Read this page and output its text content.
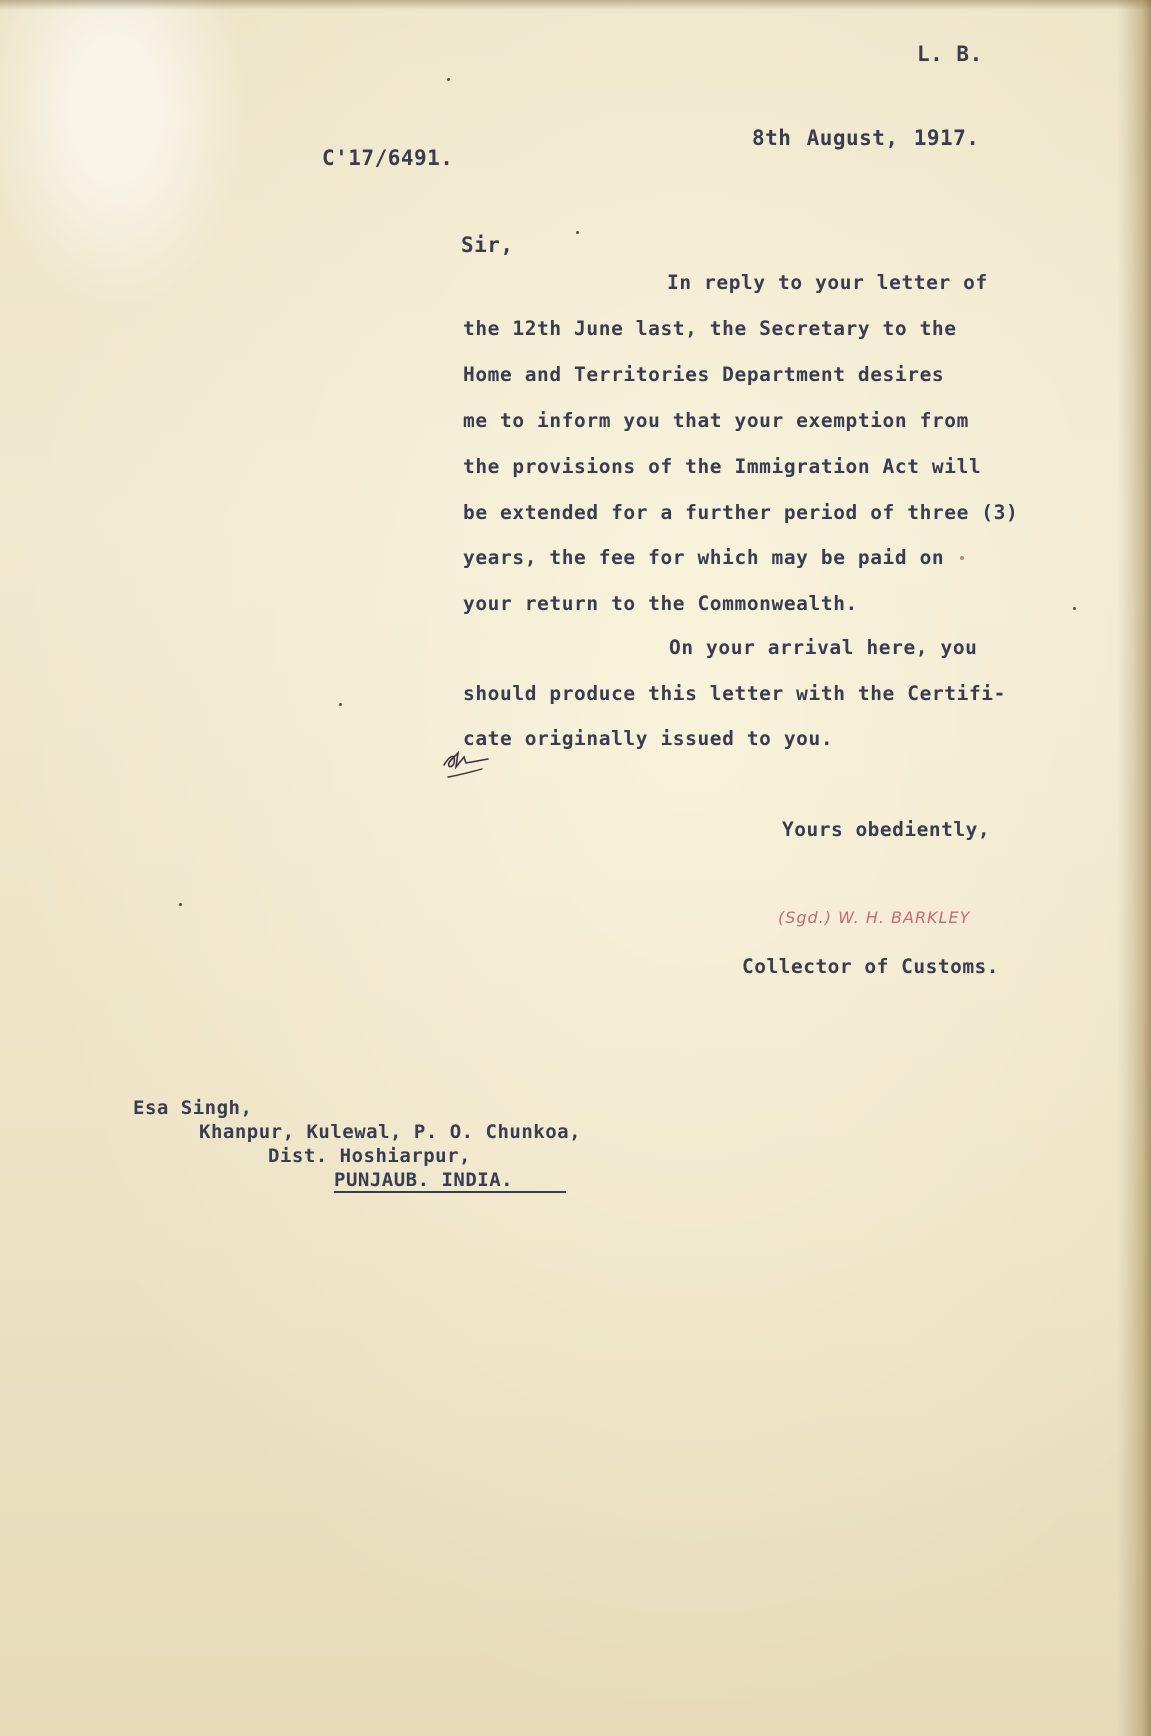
L. B.

8th August, 1917.

C'17/6491.

Sir,

In reply to your letter of

the 12th June last, the Secretary to the

Home and Territories Department desires

me to inform you that your exemption from

the provisions of the Immigration Act will

be extended for a further period of three (3)

years, the fee for which may be paid on

your return to the Commonwealth.

On your arrival here, you

should produce this letter with the Certifi-

cate originally issued to you.

Yours obediently,

(Sgd.) W. H. BARKLEY

Collector of Customs.

Esa Singh,

Khanpur, Kulewal, P. O. Chunkoa,

Dist. Hoshiarpur,

PUNJAUB. INDIA.
